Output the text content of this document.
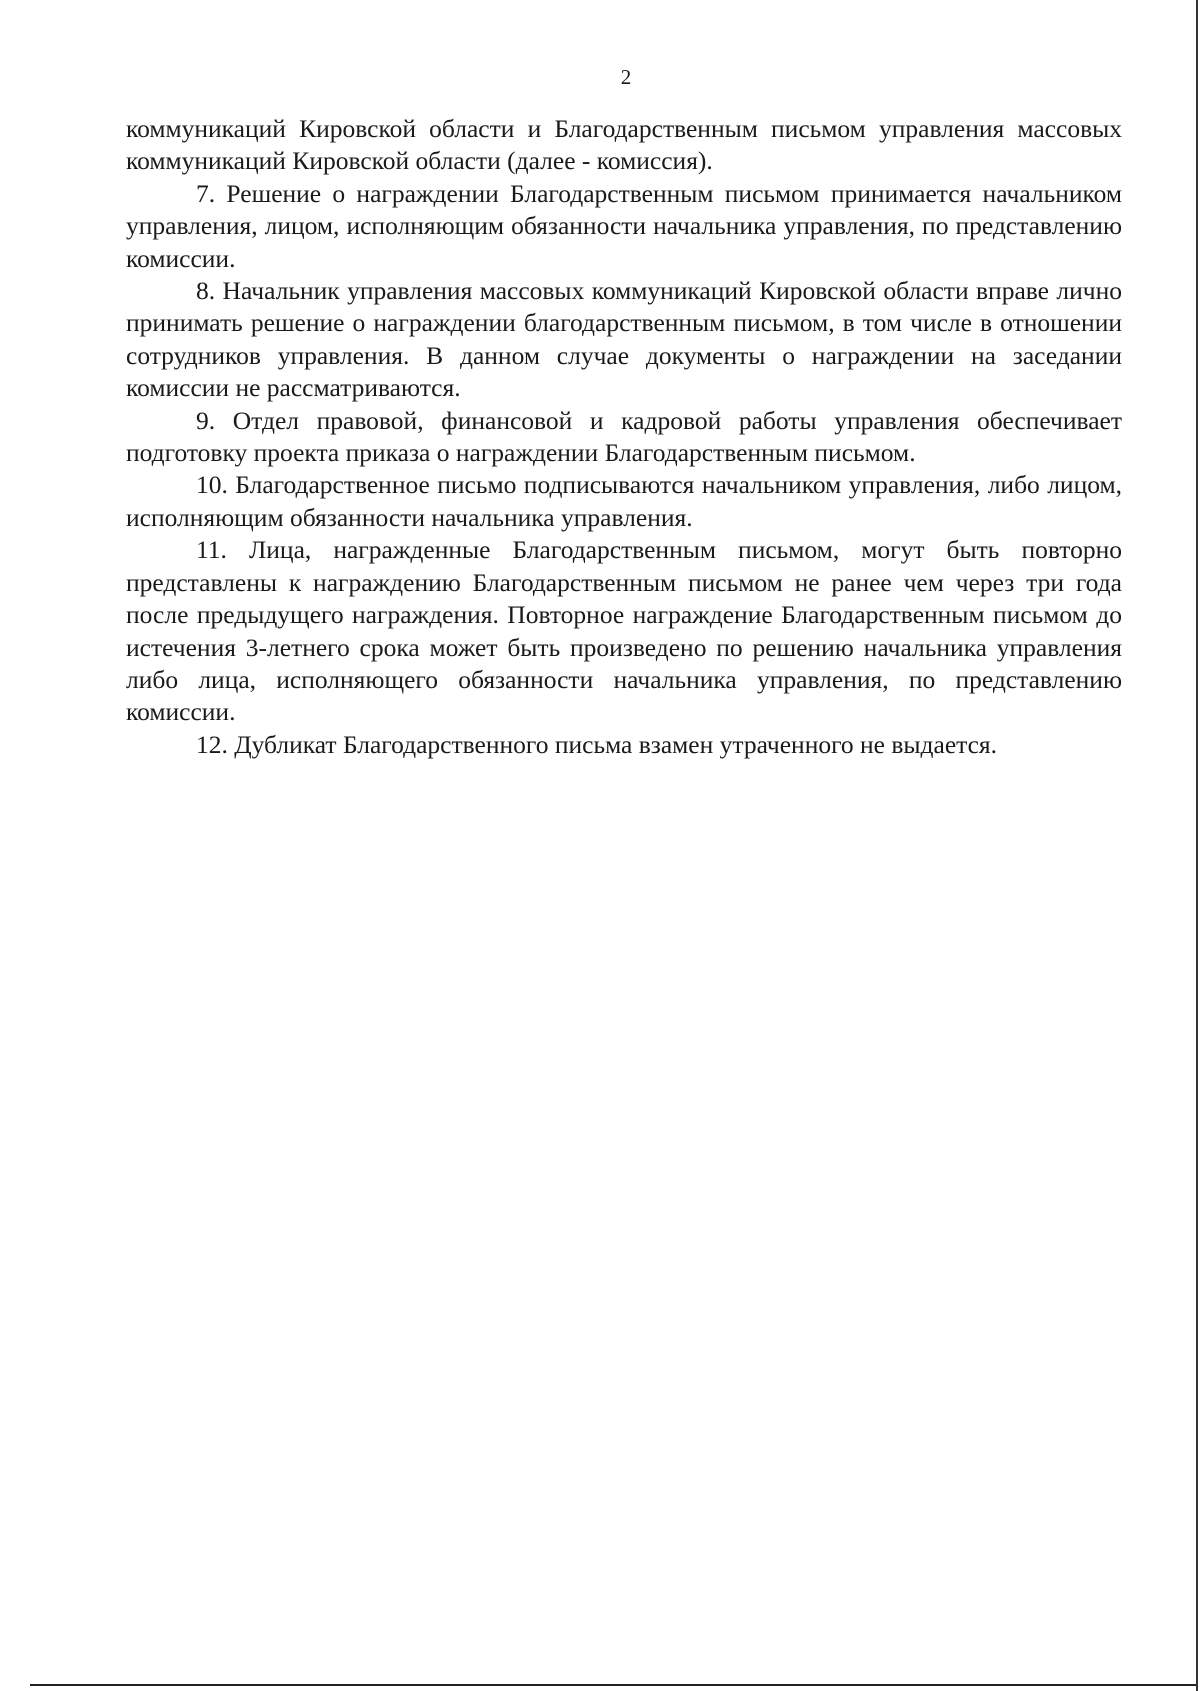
2

коммуникаций Кировской области и Благодарственным письмом управления массовых коммуникаций Кировской области (далее - комиссия).

7. Решение о награждении Благодарственным письмом принимается начальником управления, лицом, исполняющим обязанности начальника управления, по представлению комиссии.

8. Начальник управления массовых коммуникаций Кировской области вправе лично принимать решение о награждении благодарственным письмом, в том числе в отношении сотрудников управления. В данном случае документы о награждении на заседании комиссии не рассматриваются.

9. Отдел правовой, финансовой и кадровой работы управления обеспечивает подготовку проекта приказа о награждении Благодарственным письмом.

10. Благодарственное письмо подписываются начальником управления, либо лицом, исполняющим обязанности начальника управления.

11. Лица, награжденные Благодарственным письмом, могут быть повторно представлены к награждению Благодарственным письмом не ранее чем через три года после предыдущего награждения. Повторное награждение Благодарственным письмом до истечения 3-летнего срока может быть произведено по решению начальника управления либо лица, исполняющего обязанности начальника управления, по представлению комиссии.

12. Дубликат Благодарственного письма взамен утраченного не выдается.
